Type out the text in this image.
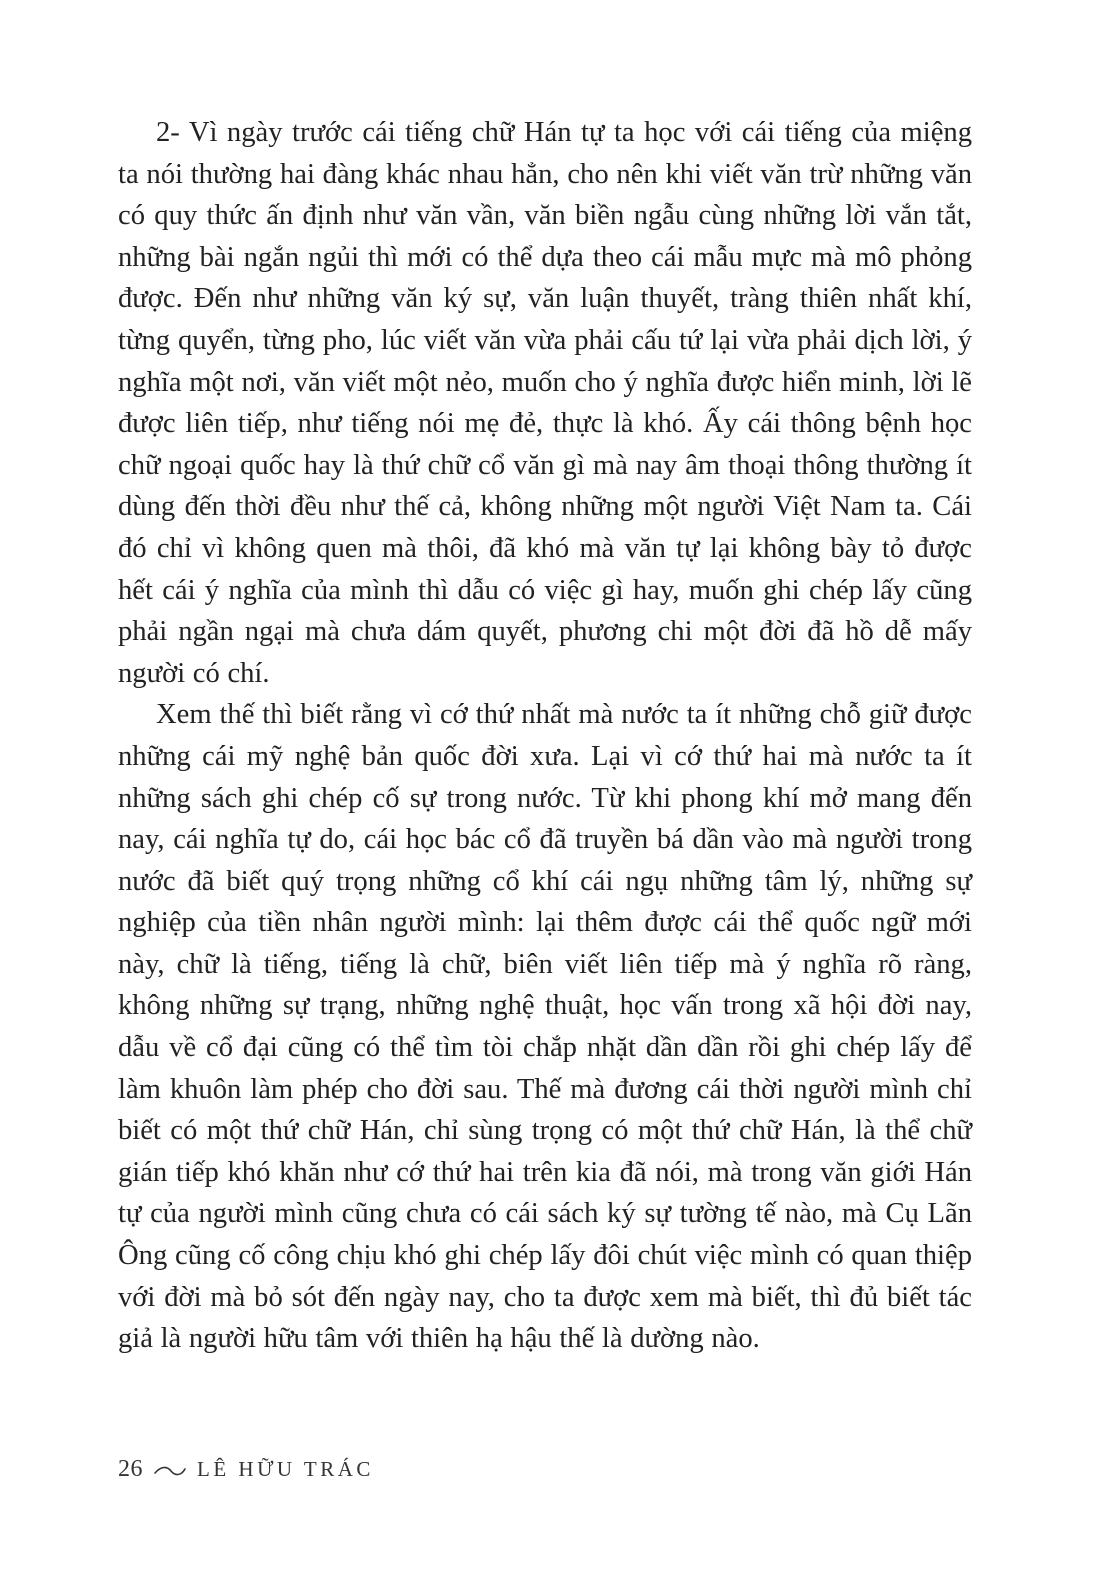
2- Vì ngày trước cái tiếng chữ Hán tự ta học với cái tiếng của miệng ta nói thường hai đàng khác nhau hẳn, cho nên khi viết văn trừ những văn có quy thức ấn định như văn vần, văn biền ngẫu cùng những lời vắn tắt, những bài ngắn ngủi thì mới có thể dựa theo cái mẫu mực mà mô phỏng được. Đến như những văn ký sự, văn luận thuyết, tràng thiên nhất khí, từng quyển, từng pho, lúc viết văn vừa phải cấu tứ lại vừa phải dịch lời, ý nghĩa một nơi, văn viết một nẻo, muốn cho ý nghĩa được hiển minh, lời lẽ được liên tiếp, như tiếng nói mẹ đẻ, thực là khó. Ấy cái thông bệnh học chữ ngoại quốc hay là thứ chữ cổ văn gì mà nay âm thoại thông thường ít dùng đến thời đều như thế cả, không những một người Việt Nam ta. Cái đó chỉ vì không quen mà thôi, đã khó mà văn tự lại không bày tỏ được hết cái ý nghĩa của mình thì dẫu có việc gì hay, muốn ghi chép lấy cũng phải ngần ngại mà chưa dám quyết, phương chi một đời đã hồ dễ mấy người có chí.

Xem thế thì biết rằng vì cớ thứ nhất mà nước ta ít những chỗ giữ được những cái mỹ nghệ bản quốc đời xưa. Lại vì cớ thứ hai mà nước ta ít những sách ghi chép cố sự trong nước. Từ khi phong khí mở mang đến nay, cái nghĩa tự do, cái học bác cổ đã truyền bá dần vào mà người trong nước đã biết quý trọng những cổ khí cái ngụ những tâm lý, những sự nghiệp của tiền nhân người mình: lại thêm được cái thể quốc ngữ mới này, chữ là tiếng, tiếng là chữ, biên viết liên tiếp mà ý nghĩa rõ ràng, không những sự trạng, những nghệ thuật, học vấn trong xã hội đời nay, dẫu về cổ đại cũng có thể tìm tòi chắp nhặt dần dần rồi ghi chép lấy để làm khuôn làm phép cho đời sau. Thế mà đương cái thời người mình chỉ biết có một thứ chữ Hán, chỉ sùng trọng có một thứ chữ Hán, là thể chữ gián tiếp khó khăn như cớ thứ hai trên kia đã nói, mà trong văn giới Hán tự của người mình cũng chưa có cái sách ký sự tường tế nào, mà Cụ Lãn Ông cũng cố công chịu khó ghi chép lấy đôi chút việc mình có quan thiệp với đời mà bỏ sót đến ngày nay, cho ta được xem mà biết, thì đủ biết tác giả là người hữu tâm với thiên hạ hậu thế là dường nào.

26	LÊ HỮU TRÁC
